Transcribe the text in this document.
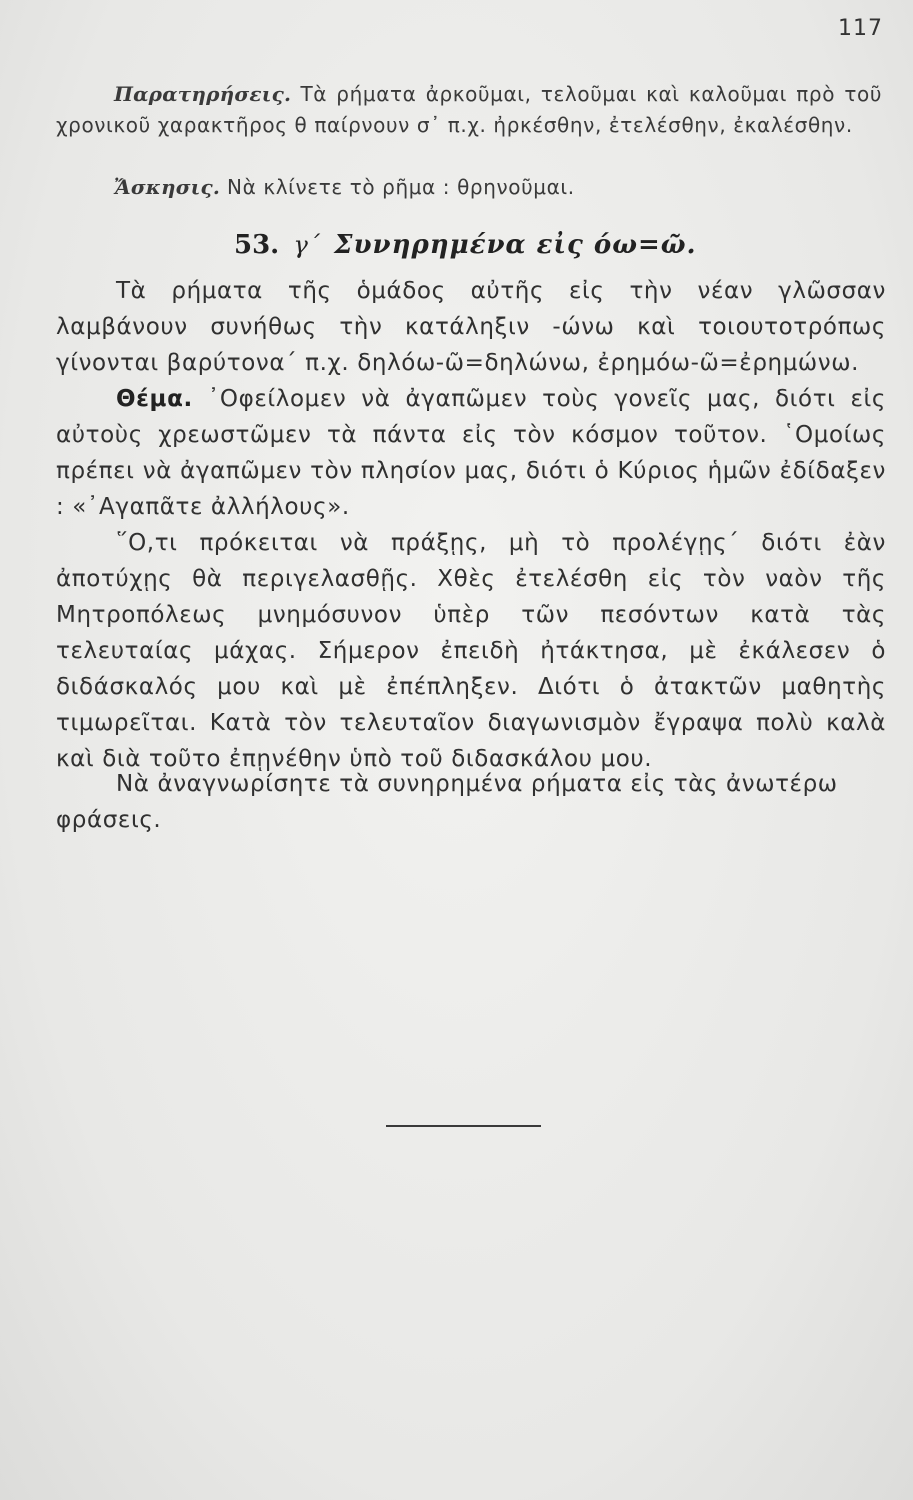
117
Παρατηρήσεις. Τὰ ρήματα ἀρκοῦμαι, τελοῦμαι καὶ καλοῦμαι πρὸ τοῦ χρονικοῦ χαρακτῆρος θ παίρνουν σ᾿ π.χ. ἠρκέσθην, ἐτελέσθην, ἐκαλέσθην.
Ἄσκησις. Νὰ κλίνετε τὸ ρῆμα : θρηνοῦμαι.
53. γ΄ Συνηρημένα εἰς όω=ῶ.
Τὰ ρήματα τῆς ὁμάδος αὐτῆς εἰς τὴν νέαν γλῶσσαν λαμβάνουν συνήθως τὴν κατάληξιν -ώνω καὶ τοιουτοτρόπως γίνονται βαρύτονα΄ π.χ. δηλόω-ῶ=δηλώνω, ἐρημόω-ῶ=ἐρημώνω.
Θέμα. ᾿Οφείλομεν νὰ ἀγαπῶμεν τοὺς γονεῖς μας, διότι εἰς αὐτοὺς χρεωστῶμεν τὰ πάντα εἰς τὸν κόσμον τοῦτον. ῾Ομοίως πρέπει νὰ ἀγαπῶμεν τὸν πλησίον μας, διότι ὁ Κύριος ἡμῶν ἐδίδαξεν : «᾿Αγαπᾶτε ἀλλήλους».
῞Ο,τι πρόκειται νὰ πράξῃς, μὴ τὸ προλέγῃς΄ διότι ἐὰν ἀποτύχῃς θὰ περιγελασθῇς. Χθὲς ἐτελέσθη εἰς τὸν ναὸν τῆς Μητροπόλεως μνημόσυνον ὑπὲρ τῶν πεσόντων κατὰ τὰς τελευταίας μάχας. Σήμερον ἐπειδὴ ἠτάκτησα, μὲ ἐκάλεσεν ὁ διδάσκαλός μου καὶ μὲ ἐπέπληξεν. Διότι ὁ ἀτακτῶν μαθητὴς τιμωρεῖται. Κατὰ τὸν τελευταῖον διαγωνισμὸν ἔγραψα πολὺ καλὰ καὶ διὰ τοῦτο ἐπῃνέθην ὑπὸ τοῦ διδασκάλου μου.
Νὰ ἀναγνωρίσητε τὰ συνηρημένα ρήματα εἰς τὰς ἀνωτέρω φράσεις.
